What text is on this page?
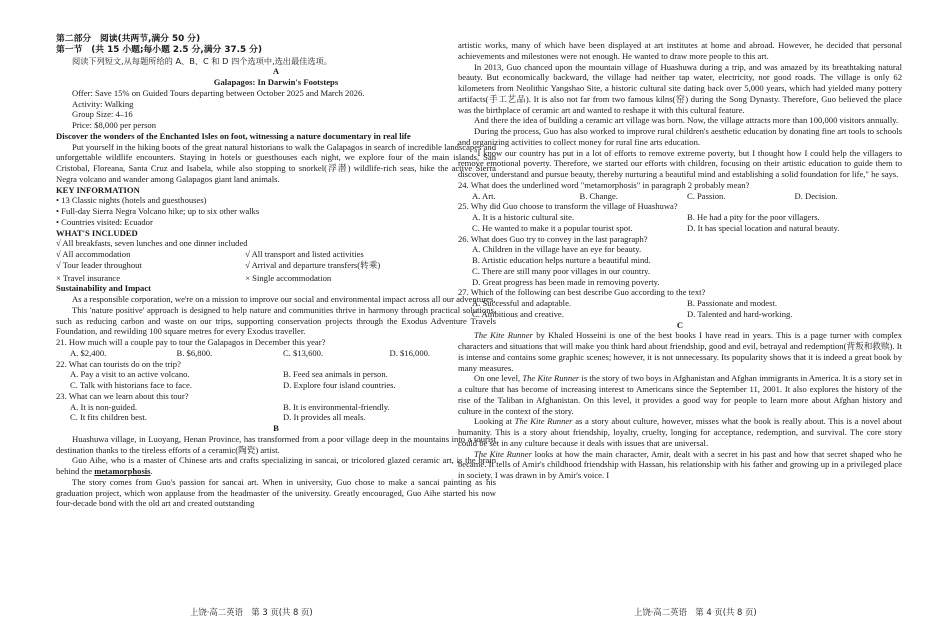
第二部分　阅读(共两节,满分 50 分)

第一节　(共 15 小题;每小题 2.5 分,满分 37.5 分)

阅读下列短文,从每题所给的 A、B、C 和 D 四个选项中,选出最佳选项。

A

Galapagos: In Darwin's Footsteps

Offer: Save 15% on Guided Tours departing between October 2025 and March 2026.

Activity: Walking

Group Size: 4–16

Price: $8,000 per person

Discover the wonders of the Enchanted Isles on foot, witnessing a nature documentary in real life

Put yourself in the hiking boots of the great natural historians to walk the Galapagos in search of incredible landscapes and unforgettable wildlife encounters. Staying in hotels or guesthouses each night, we explore four of the main islands, San Cristobal, Floreana, Santa Cruz and Isabela, while also stopping to snorkel(浮潜) wildlife-rich seas, hike the active Sierra Negra volcano and wander among Galapagos giant land animals.

KEY INFORMATION

• 13 Classic nights (hotels and guesthouses)

• Full-day Sierra Negra Volcano hike; up to six other walks

• Countries visited: Ecuador

WHAT'S INCLUDED

√ All breakfasts, seven lunches and one dinner included

√ All accommodation	√ All transport and listed activities

√ Tour leader throughout	√ Arrival and departure transfers(转乘)

× Travel insurance	× Single accommodation

Sustainability and Impact

As a responsible corporation, we're on a mission to improve our social and environmental impact across all our adventures.

This 'nature positive' approach is designed to help nature and communities thrive in harmony through practical solutions, such as reducing carbon and waste on our trips, supporting conservation projects through the Exodus Adventure Travels Foundation, and rewilding 100 square metres for every Exodus traveller.

21. How much will a couple pay to tour the Galapagos in December this year?

A. $2,400.	B. $6,800.	C. $13,600.	D. $16,000.

22. What can tourists do on the trip?

A. Pay a visit to an active volcano.	B. Feed sea animals in person.

C. Talk with historians face to face.	D. Explore four island countries.

23. What can we learn about this tour?

A. It is non-guided.	B. It is environmental-friendly.

C. It fits children best.	D. It provides all meals.

B

Huashuwa village, in Luoyang, Henan Province, has transformed from a poor village deep in the mountains into a tourist destination thanks to the tireless efforts of a ceramic(陶瓷) artist.

Guo Aihe, who is a master of Chinese arts and crafts specializing in sancai, or tricolored glazed ceramic art, is the brain behind the metamorphosis.

The story comes from Guo's passion for sancai art. When in university, Guo chose to make a sancai painting as his graduation project, which won applause from the headmaster of the university. Greatly encouraged, Guo Aihe started his now four-decade bond with the old art and created outstanding

artistic works, many of which have been displayed at art institutes at home and abroad. However, he decided that personal achievements and milestones were not enough. He wanted to draw more people to this art.

In 2013, Guo chanced upon the mountain village of Huashuwa during a trip, and was amazed by its breathtaking natural beauty. But economically backward, the village had neither tap water, electricity, nor good roads. The village is only 62 kilometers from Neolithic Yangshao Site, a historic cultural site dating back over 5,000 years, which had yielded many pottery artifacts(手工艺品). It is also not far from two famous kilns(窑) during the Song Dynasty. Therefore, Guo believed the place was the birthplace of ceramic art and wanted to reshape it with this cultural feature.

And there the idea of building a ceramic art village was born. Now, the village attracts more than 100,000 visitors annually.

During the process, Guo has also worked to improve rural children's aesthetic education by donating fine art tools to schools and organizing activities to collect money for rural fine arts education.

"I know our country has put in a lot of efforts to remove extreme poverty, but I thought how I could help the villagers to remove emotional poverty. Therefore, we started our efforts with children, focusing on their artistic education to guide them to discover, understand and pursue beauty, thereby nurturing a beautiful mind and establishing a solid foundation for life," he says.

24. What does the underlined word "metamorphosis" in paragraph 2 probably mean?

A. Art.	B. Change.	C. Passion.	D. Decision.

25. Why did Guo choose to transform the village of Huashuwa?

A. It is a historic cultural site.	B. He had a pity for the poor villagers.

C. He wanted to make it a popular tourist spot.	D. It has special location and natural beauty.

26. What does Guo try to convey in the last paragraph?

A. Children in the village have an eye for beauty.

B. Artistic education helps nurture a beautiful mind.

C. There are still many poor villages in our country.

D. Great progress has been made in removing poverty.

27. Which of the following can best describe Guo according to the text?

A. Successful and adaptable.	B. Passionate and modest.

C. Ambitious and creative.	D. Talented and hard-working.

C

The Kite Runner by Khaled Hosseini is one of the best books I have read in years. This is a page turner with complex characters and situations that will make you think hard about friendship, good and evil, betrayal and redemption(背叛和救赎). It is intense and contains some graphic scenes; however, it is not unnecessary. Its popularity shows that it is indeed a great book by many measures.

On one level, The Kite Runner is the story of two boys in Afghanistan and Afghan immigrants in America. It is a story set in a culture that has become of increasing interest to Americans since the September 11, 2001. It also explores the history of the rise of the Taliban in Afghanistan. On this level, it provides a good way for people to learn more about Afghan history and culture in the context of the story.

Looking at The Kite Runner as a story about culture, however, misses what the book is really about. This is a novel about humanity. This is a story about friendship, loyalty, cruelty, longing for acceptance, redemption, and survival. The core story could be set in any culture because it deals with issues that are universal.

The Kite Runner looks at how the main character, Amir, dealt with a secret in his past and how that secret shaped who he became. It tells of Amir's childhood friendship with Hassan, his relationship with his father and growing up in a privileged place in society. I was drawn in by Amir's voice. I

上饶·高二英语　第 3 页(共 8 页)	上饶·高二英语　第 4 页(共 8 页)
